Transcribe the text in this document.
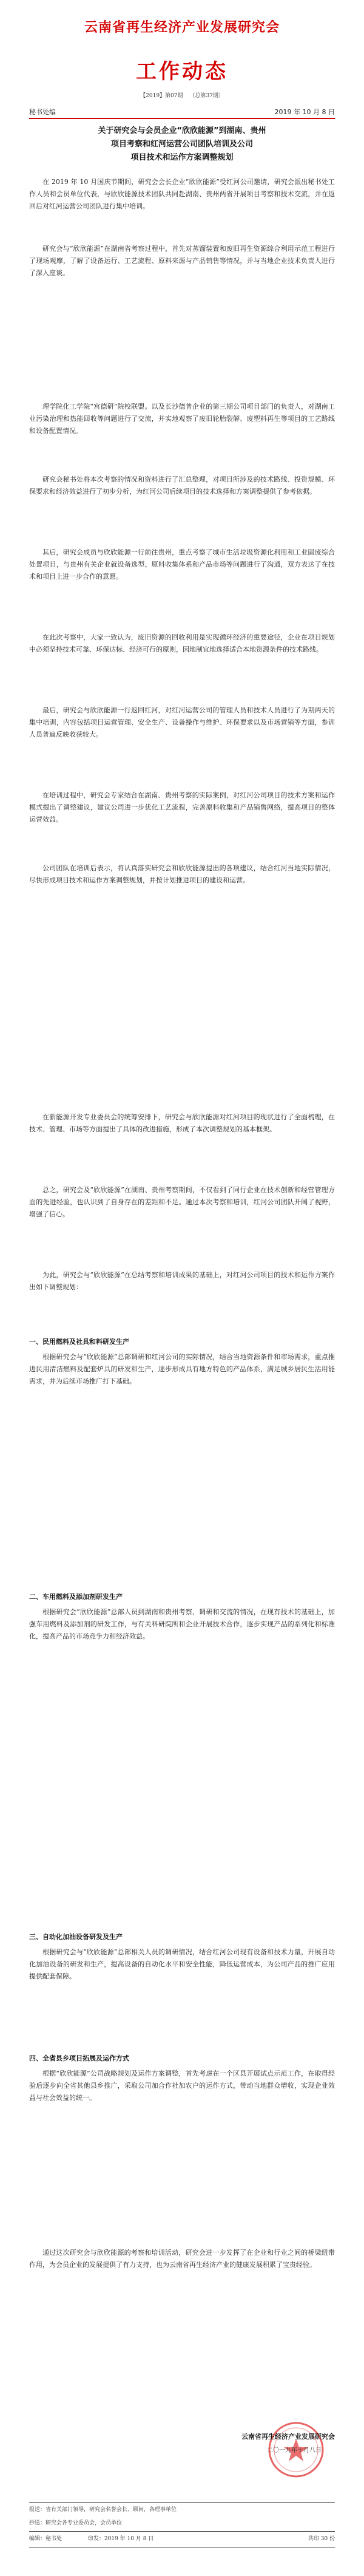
云南省再生经济产业发展研究会
工作动态
【2019】第07期 （总第37期）
秘书处编	2019 年 10 月 8 日
关于研究会与会员企业“欣欣能源”到湖南、贵州
项目考察和红河运营公司团队培训及公司
项目技术和运作方案调整规划

在 2019 年 10 月国庆节期间，研究会会长企业“欣欣能源”受红河公司邀请，研究会派出秘书处工作人员和会员单位代表，与欣欣能源技术团队共同赴湖南、贵州两省开展项目考察和技术交流，并在返回后对红河运营公司团队进行集中培训。

研究会与“欣欣能源”在湖南省考察过程中，首先对蒸馏装置和废旧再生资源综合利用示范工程进行了现场观摩，了解了设备运行、工艺流程、原料来源与产品销售等情况，并与当地企业技术负责人进行了深入座谈。

理学院化工学院“宫德研”院校联盟。以及长沙德普企业的第三期公司项目部门的负责人，对湖南工业污染治理和热能回收等问题进行了交流，并实地观察了废旧轮胎裂解、废塑料再生等项目的工艺路线和设备配置情况。

研究会秘书处将本次考察的情况和资料进行了汇总整理，对项目所涉及的技术路线、投资规模、环保要求和经济效益进行了初步分析，为红河公司后续项目的技术选择和方案调整提供了参考依据。

其后，研究会成员与欣欣能源一行前往贵州，重点考察了城市生活垃圾资源化利用和工业固废综合处置项目，与贵州有关企业就设备选型、原料收集体系和产品市场等问题进行了沟通，双方表达了在技术和项目上进一步合作的意愿。

在此次考察中，大家一致认为，废旧资源的回收利用是实现循环经济的重要途径，企业在项目规划中必须坚持技术可靠、环保达标、经济可行的原则，因地制宜地选择适合本地资源条件的技术路线。

最后，研究会与欣欣能源一行返回红河，对红河运营公司的管理人员和技术人员进行了为期两天的集中培训，内容包括项目运营管理、安全生产、设备操作与维护、环保要求以及市场营销等方面，参训人员普遍反映收获较大。

在培训过程中，研究会专家结合在湖南、贵州考察的实际案例，对红河公司项目的技术方案和运作模式提出了调整建议，建议公司进一步优化工艺流程，完善原料收集和产品销售网络，提高项目的整体运营效益。

公司团队在培训后表示，将认真落实研究会和欣欣能源提出的各项建议，结合红河当地实际情况，尽快形成项目技术和运作方案调整规划，并按计划推进项目的建设和运营。

在新能源开发专业委员会的统筹安排下，研究会与欣欣能源对红河项目的现状进行了全面梳理，在技术、管理、市场等方面提出了具体的改进措施，形成了本次调整规划的基本框架。

总之，研究会及“欣欣能源”在湖南、贵州考察期间，不仅看到了同行企业在技术创新和经营管理方面的先进经验，也认识到了自身存在的差距和不足。通过本次考察和培训，红河公司团队开阔了视野，增强了信心。

为此，研究会与“欣欣能源”在总结考察和培训成果的基础上，对红河公司项目的技术和运作方案作出如下调整规划：

一、民用燃料及社具和料研发生产

根据研究会与“欣欣能源”总部调研和红河公司的实际情况，结合当地资源条件和市场需求，重点推进民用清洁燃料及配套炉具的研发和生产，逐步形成具有地方特色的产品体系，满足城乡居民生活用能需求，并为后续市场推广打下基础。

二、车用燃料及添加剂研发生产

根据研究会“欣欣能源”总部人员到湖南和贵州考察、调研和交流的情况，在现有技术的基础上，加强车用燃料及添加剂的研发工作，与有关科研院所和企业开展技术合作，逐步实现产品的系列化和标准化，提高产品的市场竞争力和经济效益。

三、自动化加油设备研发及生产

根据研究会与“欣欣能源”总部相关人员的调研情况，结合红河公司现有设备和技术力量，开展自动化加油设备的研发和生产，提高设备的自动化水平和安全性能，降低运营成本，为公司产品的推广应用提供配套保障。

四、全省县乡项目拓展及运作方式

根据“欣欣能源”公司战略规划及运作方案调整，首先考虑在一个区县开展试点示范工作，在取得经验后逐步向全省其他县乡推广，采取公司加合作社加农户的运作方式，带动当地群众增收，实现企业效益与社会效益的统一。

通过这次研究会与欣欣能源的考察和培训活动，研究会进一步发挥了在企业和行业之间的桥梁纽带作用，为会员企业的发展提供了有力支持，也为云南省再生经济产业的健康发展积累了宝贵经验。

云南省再生经济产业发展研究会
二〇一九年十月八日
报送：省有关部门领导，研究会名誉会长、顾问，各理事单位
抄送：研究会各专业委员会，会员单位
编辑：秘书处	印发：2019 年 10 月 8 日	共印 30 份
